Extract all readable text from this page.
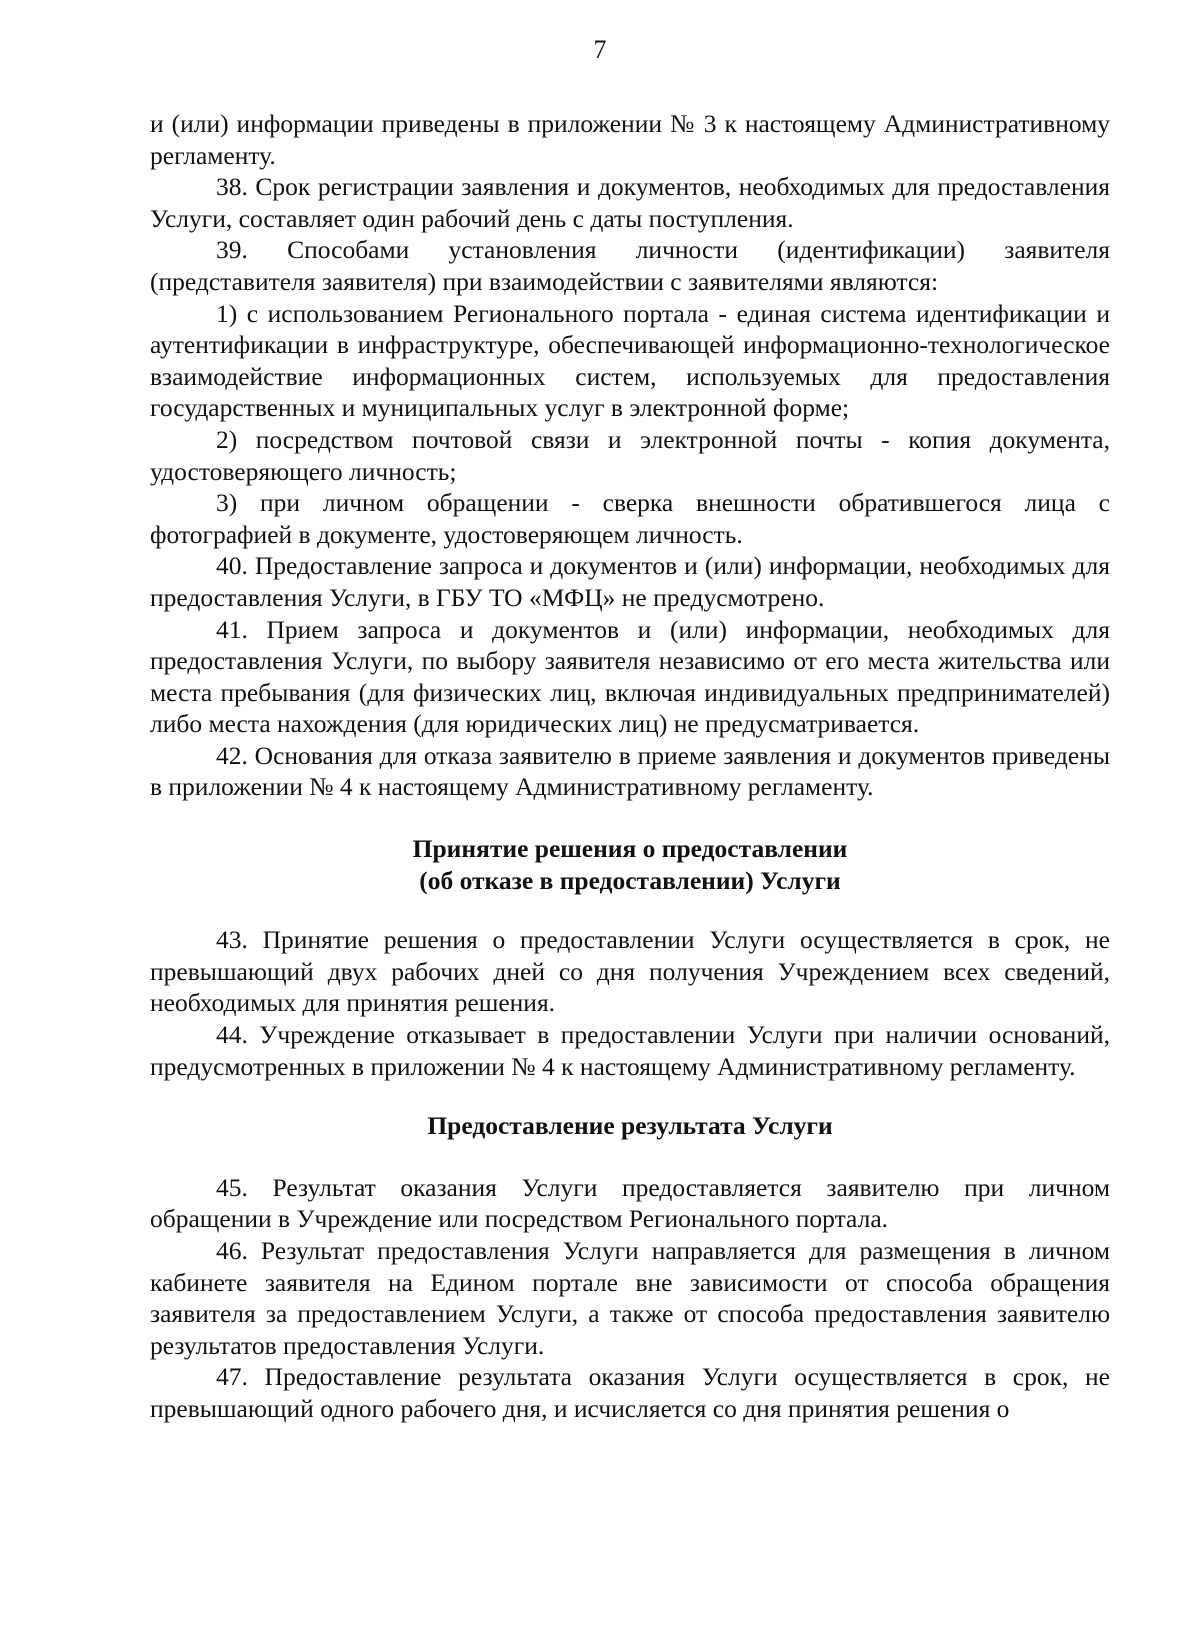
7

и (или) информации приведены в приложении № 3 к настоящему Административному регламенту.

38. Срок регистрации заявления и документов, необходимых для предоставления Услуги, составляет один рабочий день с даты поступления.

39. Способами установления личности (идентификации) заявителя (представителя заявителя) при взаимодействии с заявителями являются:

1) с использованием Регионального портала - единая система идентификации и аутентификации в инфраструктуре, обеспечивающей информационно-технологическое взаимодействие информационных систем, используемых для предоставления государственных и муниципальных услуг в электронной форме;

2) посредством почтовой связи и электронной почты - копия документа, удостоверяющего личность;

3) при личном обращении - сверка внешности обратившегося лица с фотографией в документе, удостоверяющем личность.

40. Предоставление запроса и документов и (или) информации, необходимых для предоставления Услуги, в ГБУ ТО «МФЦ» не предусмотрено.

41. Прием запроса и документов и (или) информации, необходимых для предоставления Услуги, по выбору заявителя независимо от его места жительства или места пребывания (для физических лиц, включая индивидуальных предпринимателей) либо места нахождения (для юридических лиц) не предусматривается.

42. Основания для отказа заявителю в приеме заявления и документов приведены в приложении № 4 к настоящему Административному регламенту.

Принятие решения о предоставлении

(об отказе в предоставлении) Услуги

43. Принятие решения о предоставлении Услуги осуществляется в срок, не превышающий двух рабочих дней со дня получения Учреждением всех сведений, необходимых для принятия решения.

44. Учреждение отказывает в предоставлении Услуги при наличии оснований, предусмотренных в приложении № 4 к настоящему Административному регламенту.

Предоставление результата Услуги

45. Результат оказания Услуги предоставляется заявителю при личном обращении в Учреждение или посредством Регионального портала.

46. Результат предоставления Услуги направляется для размещения в личном кабинете заявителя на Едином портале вне зависимости от способа обращения заявителя за предоставлением Услуги, а также от способа предоставления заявителю результатов предоставления Услуги.

47. Предоставление результата оказания Услуги осуществляется в срок, не превышающий одного рабочего дня, и исчисляется со дня принятия решения о
